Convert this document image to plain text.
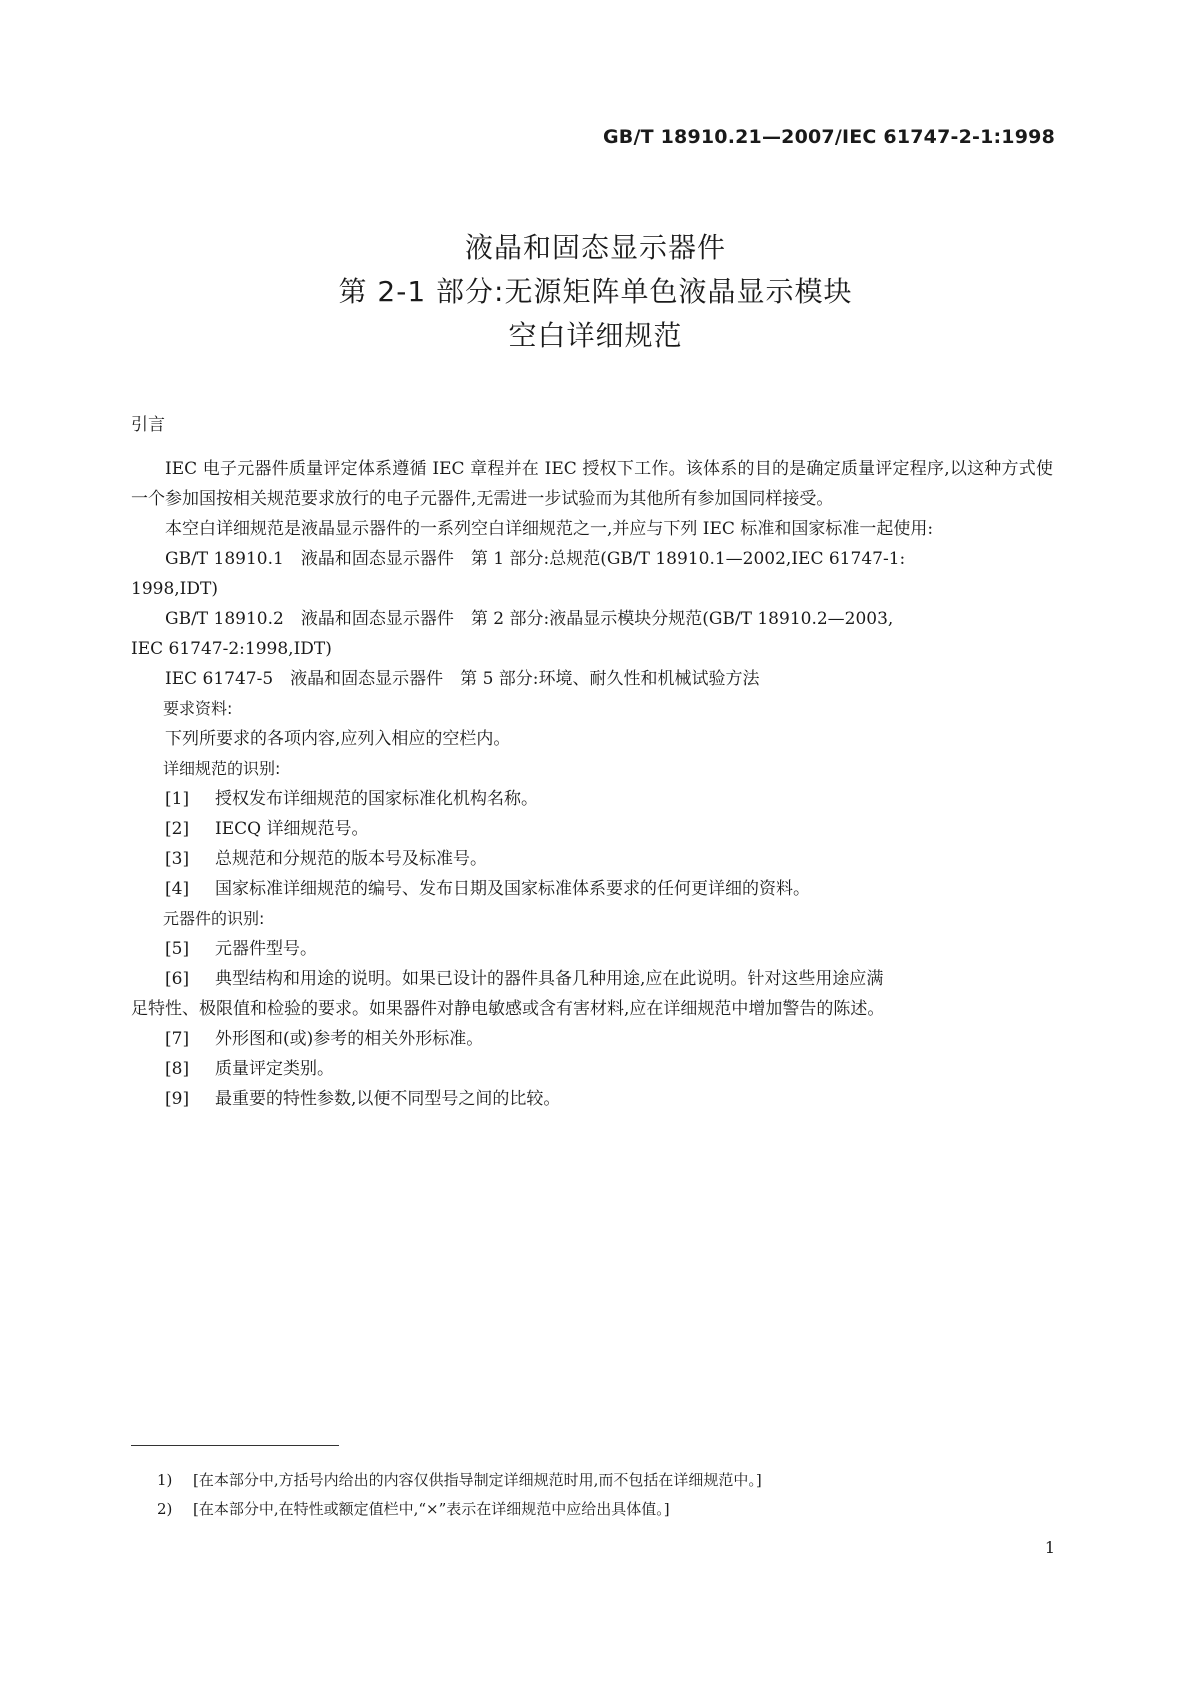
GB/T 18910.21—2007/IEC 61747-2-1:1998
液晶和固态显示器件
第 2-1 部分:无源矩阵单色液晶显示模块
空白详细规范
引言

IEC 电子元器件质量评定体系遵循 IEC 章程并在 IEC 授权下工作。该体系的目的是确定质量评定程序,以这种方式使一个参加国按相关规范要求放行的电子元器件,无需进一步试验而为其他所有参加国同样接受。

本空白详细规范是液晶显示器件的一系列空白详细规范之一,并应与下列 IEC 标准和国家标准一起使用:

GB/T 18910.1　液晶和固态显示器件　第 1 部分:总规范(GB/T 18910.1—2002,IEC 61747-1:
1998,IDT)

GB/T 18910.2　液晶和固态显示器件　第 2 部分:液晶显示模块分规范(GB/T 18910.2—2003,
IEC 61747-2:1998,IDT)

IEC 61747-5　液晶和固态显示器件　第 5 部分:环境、耐久性和机械试验方法

要求资料:

下列所要求的各项内容,应列入相应的空栏内。

详细规范的识别:

[1] 授权发布详细规范的国家标准化机构名称。

[2] IECQ 详细规范号。

[3] 总规范和分规范的版本号及标准号。

[4] 国家标准详细规范的编号、发布日期及国家标准体系要求的任何更详细的资料。

元器件的识别:

[5] 元器件型号。

[6] 典型结构和用途的说明。如果已设计的器件具备几种用途,应在此说明。针对这些用途应满
足特性、极限值和检验的要求。如果器件对静电敏感或含有害材料,应在详细规范中增加警告的陈述。

[7] 外形图和(或)参考的相关外形标准。

[8] 质量评定类别。

[9] 最重要的特性参数,以便不同型号之间的比较。

1) [在本部分中,方括号内给出的内容仅供指导制定详细规范时用,而不包括在详细规范中。]
2) [在本部分中,在特性或额定值栏中,“×”表示在详细规范中应给出具体值。]
1
